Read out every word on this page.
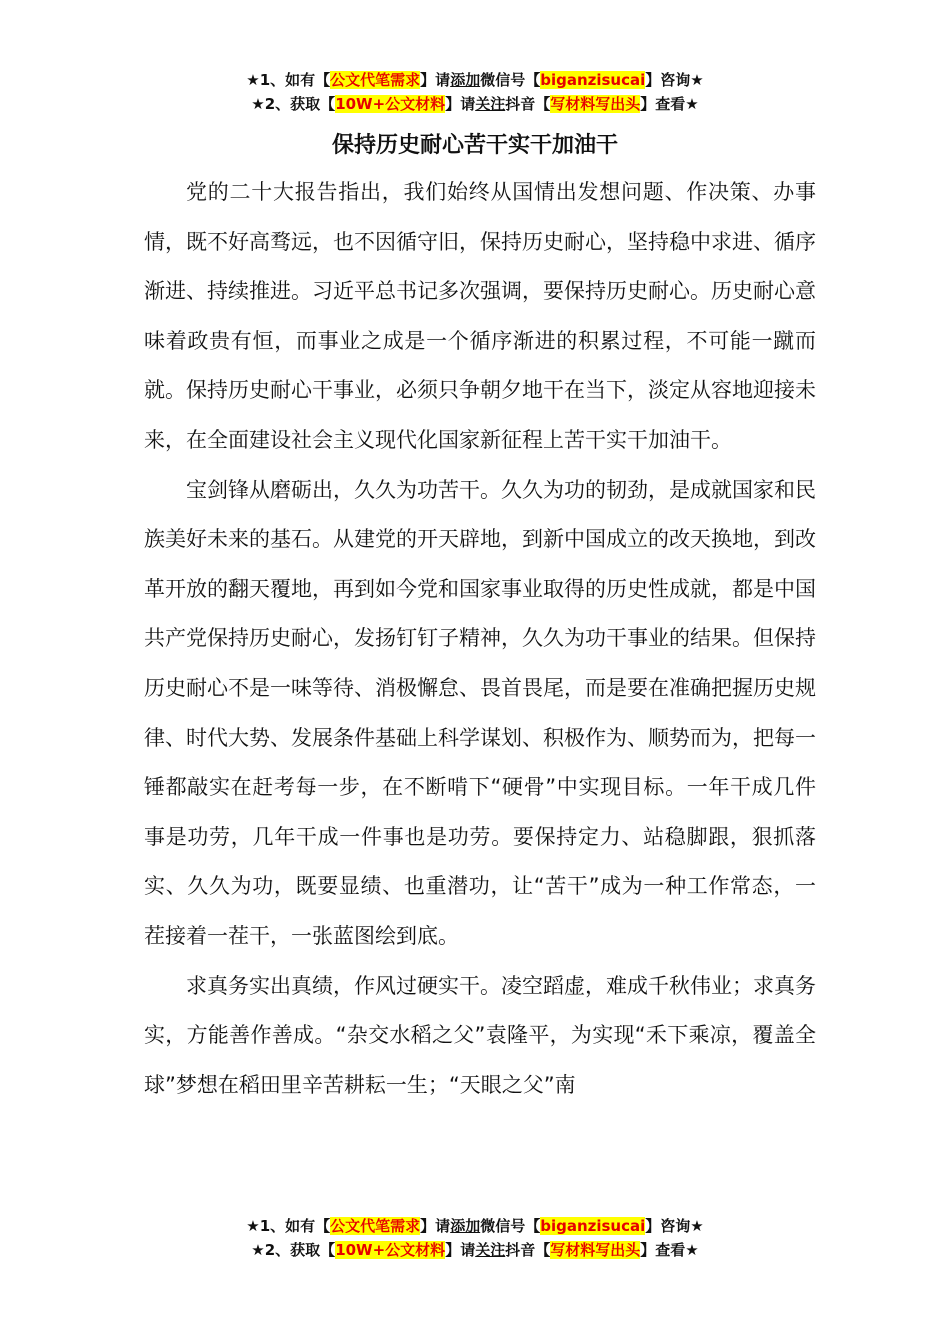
★1、如有【公文代笔需求】请添加微信号【biganzisucai】咨询★
★2、获取【10W+公文材料】请关注抖音【写材料写出头】查看★
保持历史耐心苦干实干加油干

党的二十大报告指出，我们始终从国情出发想问题、作决策、办事情，既不好高骛远，也不因循守旧，保持历史耐心，坚持稳中求进、循序渐进、持续推进。习近平总书记多次强调，要保持历史耐心。历史耐心意味着政贵有恒，而事业之成是一个循序渐进的积累过程，不可能一蹴而就。保持历史耐心干事业，必须只争朝夕地干在当下，淡定从容地迎接未来，在全面建设社会主义现代化国家新征程上苦干实干加油干。

宝剑锋从磨砺出，久久为功苦干。久久为功的韧劲，是成就国家和民族美好未来的基石。从建党的开天辟地，到新中国成立的改天换地，到改革开放的翻天覆地，再到如今党和国家事业取得的历史性成就，都是中国共产党保持历史耐心，发扬钉钉子精神，久久为功干事业的结果。但保持历史耐心不是一味等待、消极懈怠、畏首畏尾，而是要在准确把握历史规律、时代大势、发展条件基础上科学谋划、积极作为、顺势而为，把每一锤都敲实在赶考每一步，在不断啃下“硬骨”中实现目标。一年干成几件事是功劳，几年干成一件事也是功劳。要保持定力、站稳脚跟，狠抓落实、久久为功，既要显绩、也重潜功，让“苦干”成为一种工作常态，一茬接着一茬干，一张蓝图绘到底。

求真务实出真绩，作风过硬实干。凌空蹈虚，难成千秋伟业；求真务实，方能善作善成。“杂交水稻之父”袁隆平，为实现“禾下乘凉，覆盖全球”梦想在稻田里辛苦耕耘一生；“天眼之父”南

★1、如有【公文代笔需求】请添加微信号【biganzisucai】咨询★
★2、获取【10W+公文材料】请关注抖音【写材料写出头】查看★
